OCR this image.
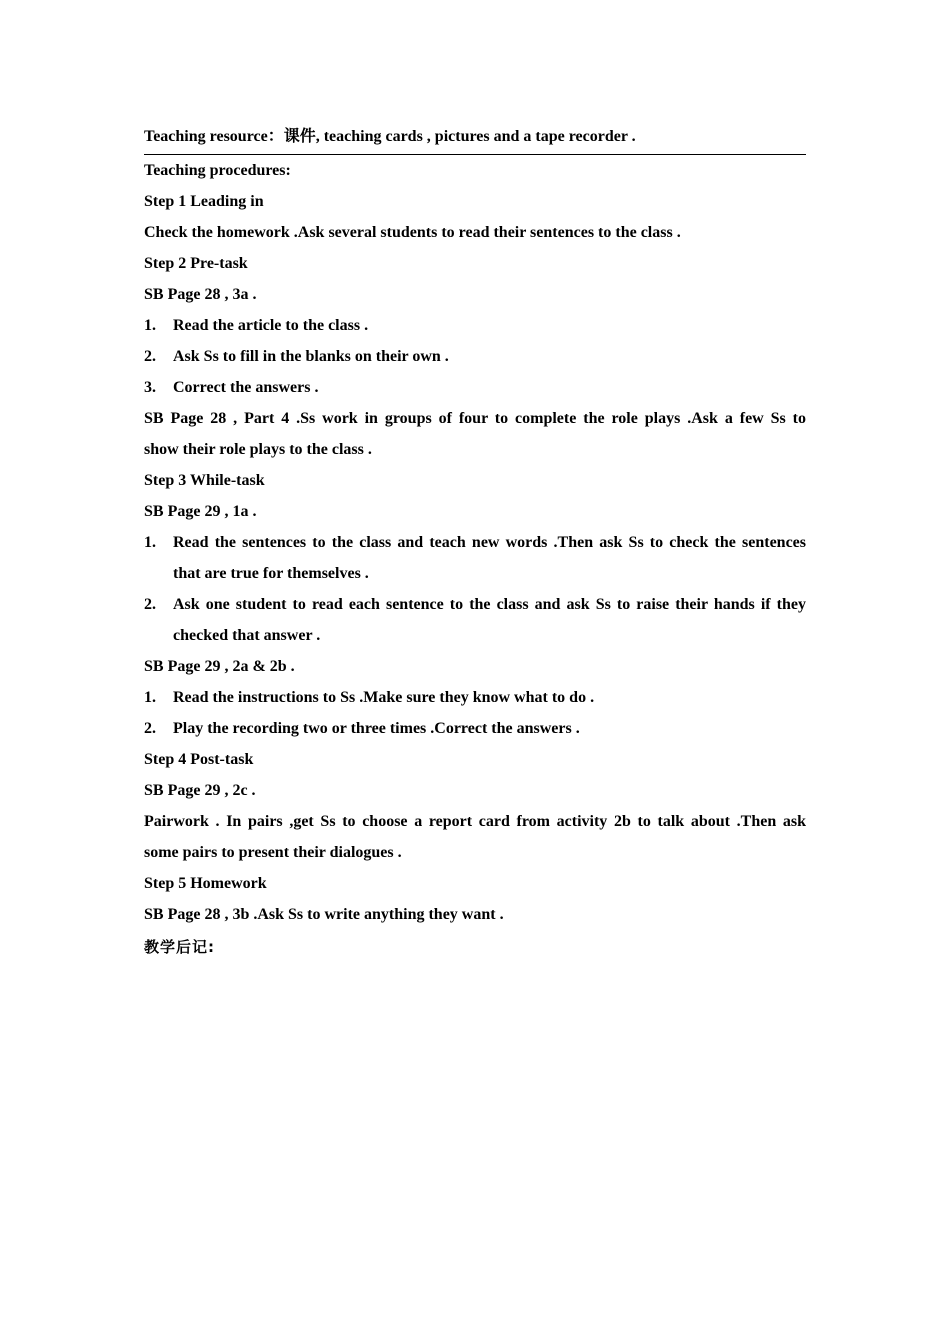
Teaching resource：课件, teaching cards , pictures and a tape recorder .
Teaching procedures:
Step 1 Leading in
Check the homework .Ask several students to read their sentences to the class .
Step 2 Pre-task
SB Page 28 , 3a .
1.	Read the article to the class .
2.	Ask Ss to fill in the blanks on their own .
3.	Correct the answers .
SB Page 28 , Part 4 .Ss work in groups of four to complete the role plays .Ask a few Ss to
show their role plays to the class .
Step 3 While-task
SB Page 29 , 1a .
1.	Read the sentences to the class and teach new words .Then ask Ss to check the sentences
that are true for themselves .
2.	Ask one student to read each sentence to the class and ask Ss to raise their hands if they
checked that answer .
SB Page 29 , 2a & 2b .
1.	Read the instructions to Ss .Make sure they know what to do .
2.	Play the recording two or three times .Correct the answers .
Step 4 Post-task
SB Page 29 , 2c .
Pairwork . In pairs ,get Ss to choose a report card from activity 2b to talk about .Then ask
some pairs to present their dialogues .
Step 5 Homework
SB Page 28 , 3b .Ask Ss to write anything they want .
教学后记:
